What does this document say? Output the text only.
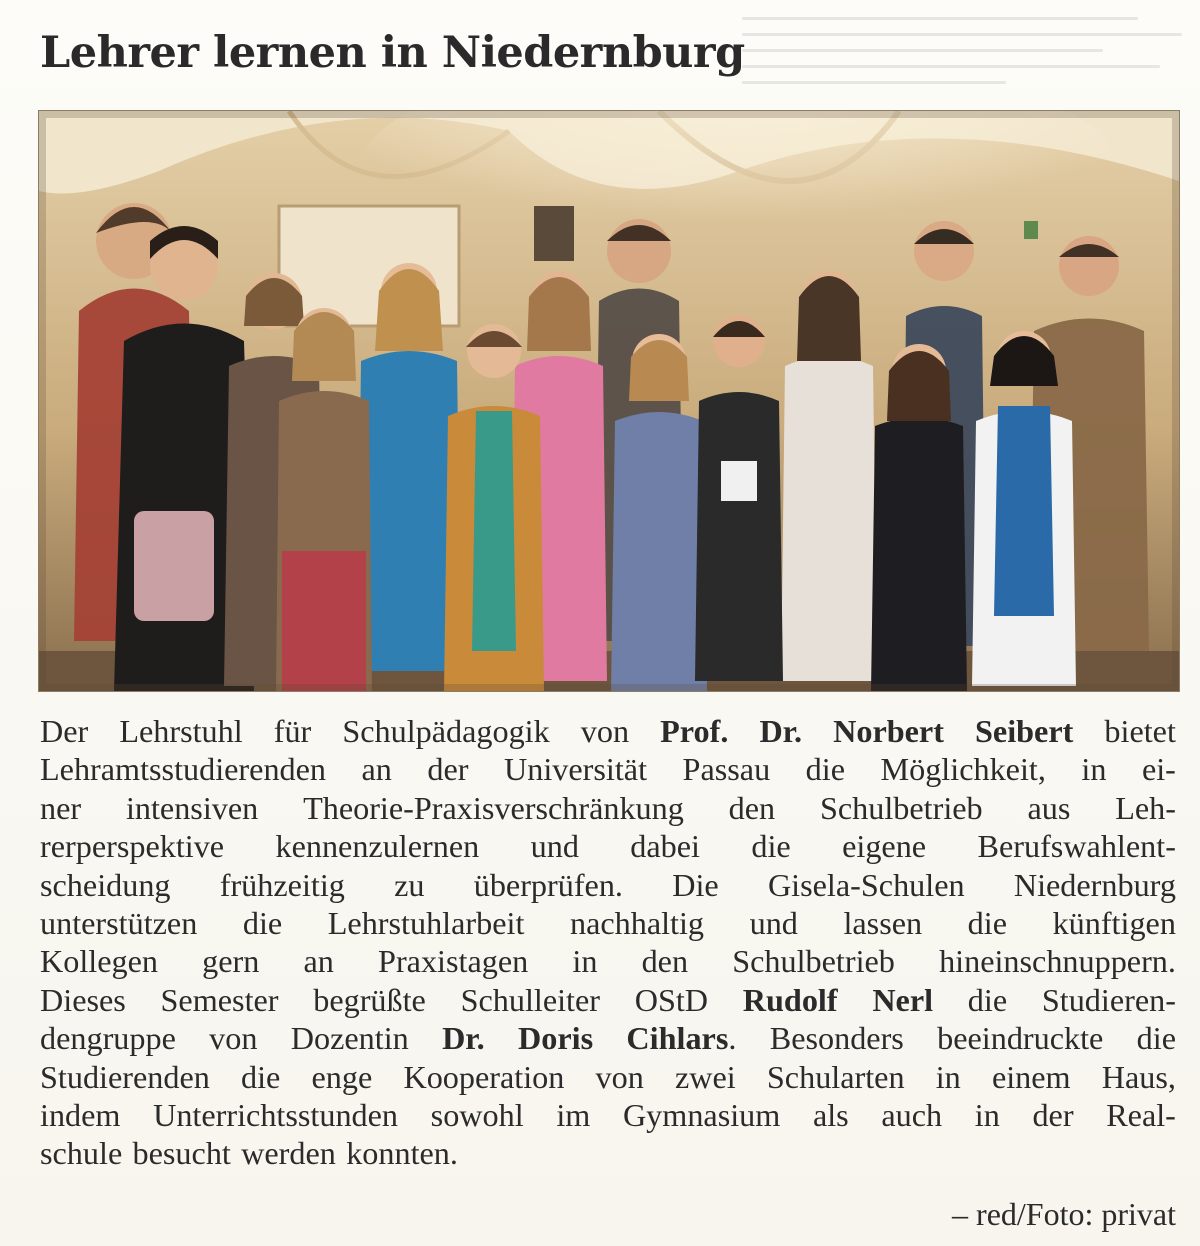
Lehrer lernen in Niedernburg
Der Lehrstuhl für Schulpädagogik von Prof. Dr. Norbert Seibert bietet
Lehramtsstudierenden an der Universität Passau die Möglichkeit, in ei-
ner intensiven Theorie-Praxisverschränkung den Schulbetrieb aus Leh-
rerperspektive kennenzulernen und dabei die eigene Berufswahlent-
scheidung frühzeitig zu überprüfen. Die Gisela-Schulen Niedernburg
unterstützen die Lehrstuhlarbeit nachhaltig und lassen die künftigen
Kollegen gern an Praxistagen in den Schulbetrieb hineinschnuppern.
Dieses Semester begrüßte Schulleiter OStD Rudolf Nerl die Studieren-
dengruppe von Dozentin Dr. Doris Cihlars. Besonders beeindruckte die
Studierenden die enge Kooperation von zwei Schularten in einem Haus,
indem Unterrichtsstunden sowohl im Gymnasium als auch in der Real-
schule besucht werden konnten.
– red/Foto: privat
